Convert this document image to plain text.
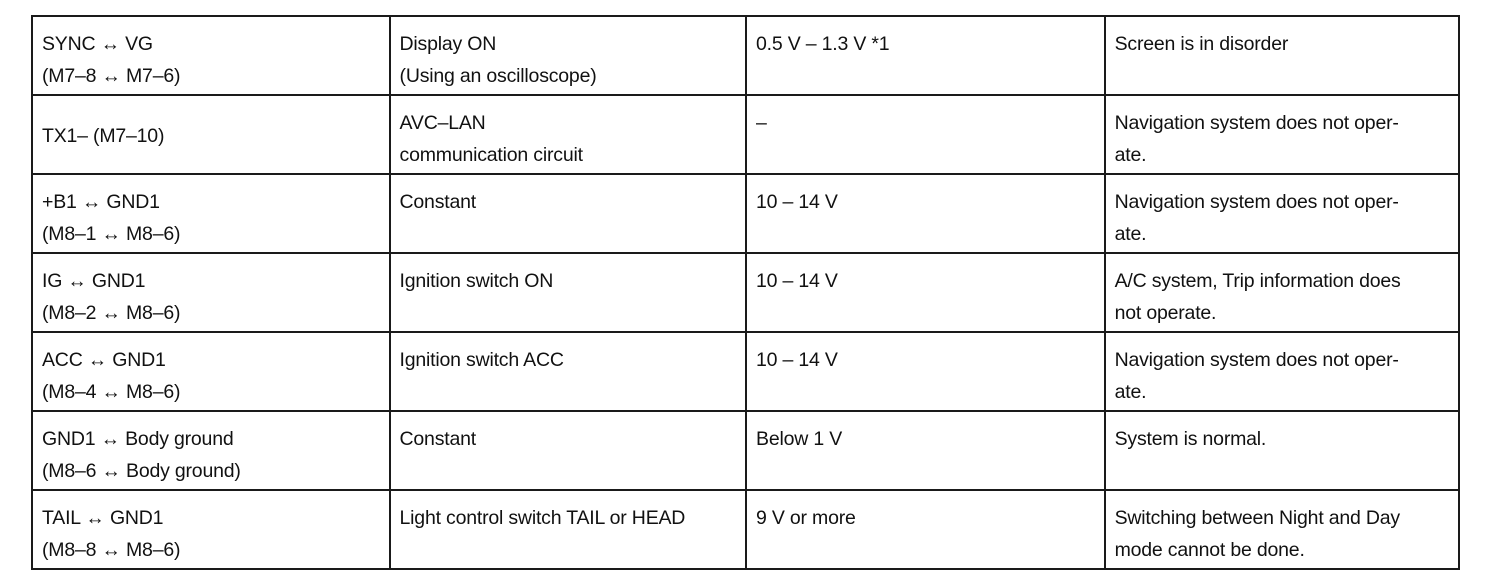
SYNC ↔ VG
(M7–8 ↔ M7–6)	Display ON
(Using an oscilloscope)	0.5 V – 1.3 V *1	Screen is in disorder

TX1– (M7–10)	AVC–LAN
communication circuit	–	Navigation system does not oper-
ate.

+B1 ↔ GND1
(M8–1 ↔ M8–6)	Constant	10 – 14 V	Navigation system does not oper-
ate.

IG ↔ GND1
(M8–2 ↔ M8–6)	Ignition switch ON	10 – 14 V	A/C system, Trip information does
not operate.

ACC ↔ GND1
(M8–4 ↔ M8–6)	Ignition switch ACC	10 – 14 V	Navigation system does not oper-
ate.

GND1 ↔ Body ground
(M8–6 ↔ Body ground)	Constant	Below 1 V	System is normal.

TAIL ↔ GND1
(M8–8 ↔ M8–6)	Light control switch TAIL or HEAD	9 V or more	Switching between Night and Day
mode cannot be done.
